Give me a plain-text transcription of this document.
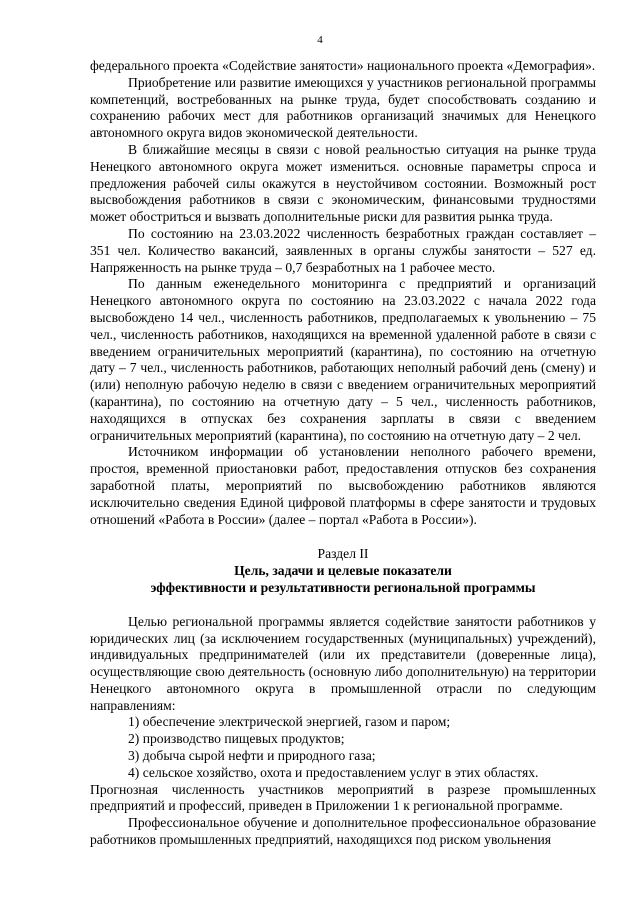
4

федерального проекта «Содействие занятости» национального проекта «Демография».

Приобретение или развитие имеющихся у участников региональной программы компетенций, востребованных на рынке труда, будет способствовать созданию и сохранению рабочих мест для работников организаций значимых для Ненецкого автономного округа видов экономической деятельности.

В ближайшие месяцы в связи с новой реальностью ситуация на рынке труда Ненецкого автономного округа может измениться. основные параметры спроса и предложения рабочей силы окажутся в неустойчивом состоянии. Возможный рост высвобождения работников в связи с экономическим, финансовыми трудностями может обостриться и вызвать дополнительные риски для развития рынка труда.

По состоянию на 23.03.2022 численность безработных граждан составляет – 351 чел. Количество вакансий, заявленных в органы службы занятости – 527 ед. Напряженность на рынке труда – 0,7 безработных на 1 рабочее место.

По данным еженедельного мониторинга с предприятий и организаций Ненецкого автономного округа по состоянию на 23.03.2022 с начала 2022 года высвобождено 14 чел., численность работников, предполагаемых к увольнению – 75 чел., численность работников, находящихся на временной удаленной работе в связи с введением ограничительных мероприятий (карантина), по состоянию на отчетную дату – 7 чел., численность работников, работающих неполный рабочий день (смену) и (или) неполную рабочую неделю в связи с введением ограничительных мероприятий (карантина), по состоянию на отчетную дату – 5 чел., численность работников, находящихся в отпусках без сохранения зарплаты в связи с введением ограничительных мероприятий (карантина), по состоянию на отчетную дату – 2 чел.

Источником информации об установлении неполного рабочего времени, простоя, временной приостановки работ, предоставления отпусков без сохранения заработной платы, мероприятий по высвобождению работников являются исключительно сведения Единой цифровой платформы в сфере занятости и трудовых отношений «Работа в России» (далее – портал «Работа в России»).

Раздел II

Цель, задачи и целевые показатели

эффективности и результативности региональной программы

Целью региональной программы является содействие занятости работников у юридических лиц (за исключением государственных (муниципальных) учреждений), индивидуальных предпринимателей (или их представители (доверенные лица), осуществляющие свою деятельность (основную либо дополнительную) на территории Ненецкого автономного округа в промышленной отрасли по следующим направлениям:

1) обеспечение электрической энергией, газом и паром;

2) производство пищевых продуктов;

3) добыча сырой нефти и природного газа;

4) сельское хозяйство, охота и предоставлением услуг в этих областях.

Прогнозная численность участников мероприятий в разрезе промышленных предприятий и профессий, приведен в Приложении 1 к региональной программе.

Профессиональное обучение и дополнительное профессиональное образование работников промышленных предприятий, находящихся под риском увольнения
